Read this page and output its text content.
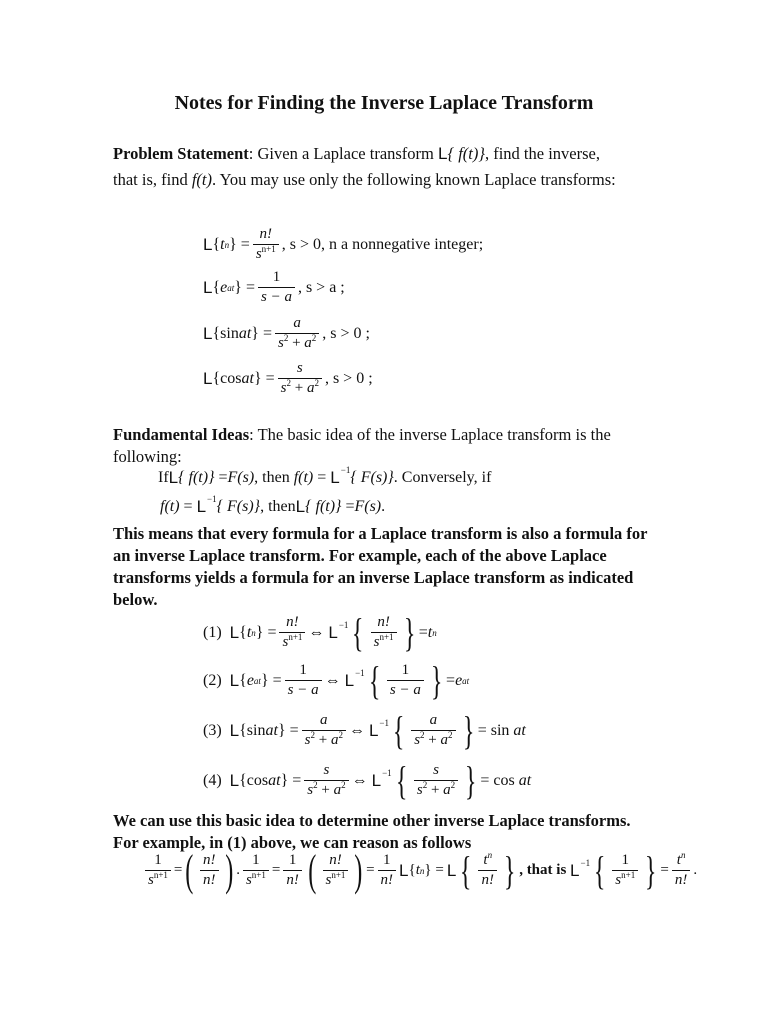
Notes for Finding the Inverse Laplace Transform
Problem Statement: Given a Laplace transform L{ f(t)}, find the inverse,
that is, find f(t). You may use only the following known Laplace transforms:
L { t n } = $\frac{n!}{s^{n+1}}$ , s > 0, n a nonnegative integer;
L { e at } = $\frac{1}{s - a}$ , s > a ;
L {sin at } = $\frac{a}{s^2 + a^2}$ , s > 0 ;
L {cos at } = $\frac{s}{s^2 + a^2}$ , s > 0 ;
Fundamental Ideas: The basic idea of the inverse Laplace transform is the following:
If L { f(t)} = F(s) , then
f(t) = L −1 { F(s)} . Conversely, if
f(t) = L −1 { F(s)} , then L { f(t)} = F(s) .
This means that every formula for a Laplace transform is also a formula for an inverse Laplace transform. For example, each of the above Laplace transforms yields a formula for an inverse Laplace transform as indicated below.
(1) L { t n } = $\frac{n!}{s^{n+1}}$ ⇔ L −1 { $\frac{n!}{s^{n+1}}$ } = t n
(2) L { e at } = $\frac{1}{s - a}$ ⇔ L −1 { $\frac{1}{s - a}$ } = e at
(3) L {sin at } = $\frac{a}{s^2 + a^2}$ ⇔ L −1 { $\frac{a}{s^2 + a^2}$ } = sin at
(4) L {cos at } = $\frac{s}{s^2 + a^2}$ ⇔ L −1 { $\frac{s}{s^2 + a^2}$ } = cos at
We can use this basic idea to determine other inverse Laplace transforms. For example, in (1) above, we can reason as follows
$\frac{1}{s^{n+1}}$ = ( $\frac{n!}{n!}$ ) . $\frac{1}{s^{n+1}} = \frac{1}{n!}$ ( $\frac{n!}{s^{n+1}}$ ) = $\frac{1}{n!}$ L { t n } = L { $\frac{t^n}{n!}$ } , that is
L −1 { $\frac{1}{s^{n+1}}$ } = $\frac{t^n}{n!}$ .
